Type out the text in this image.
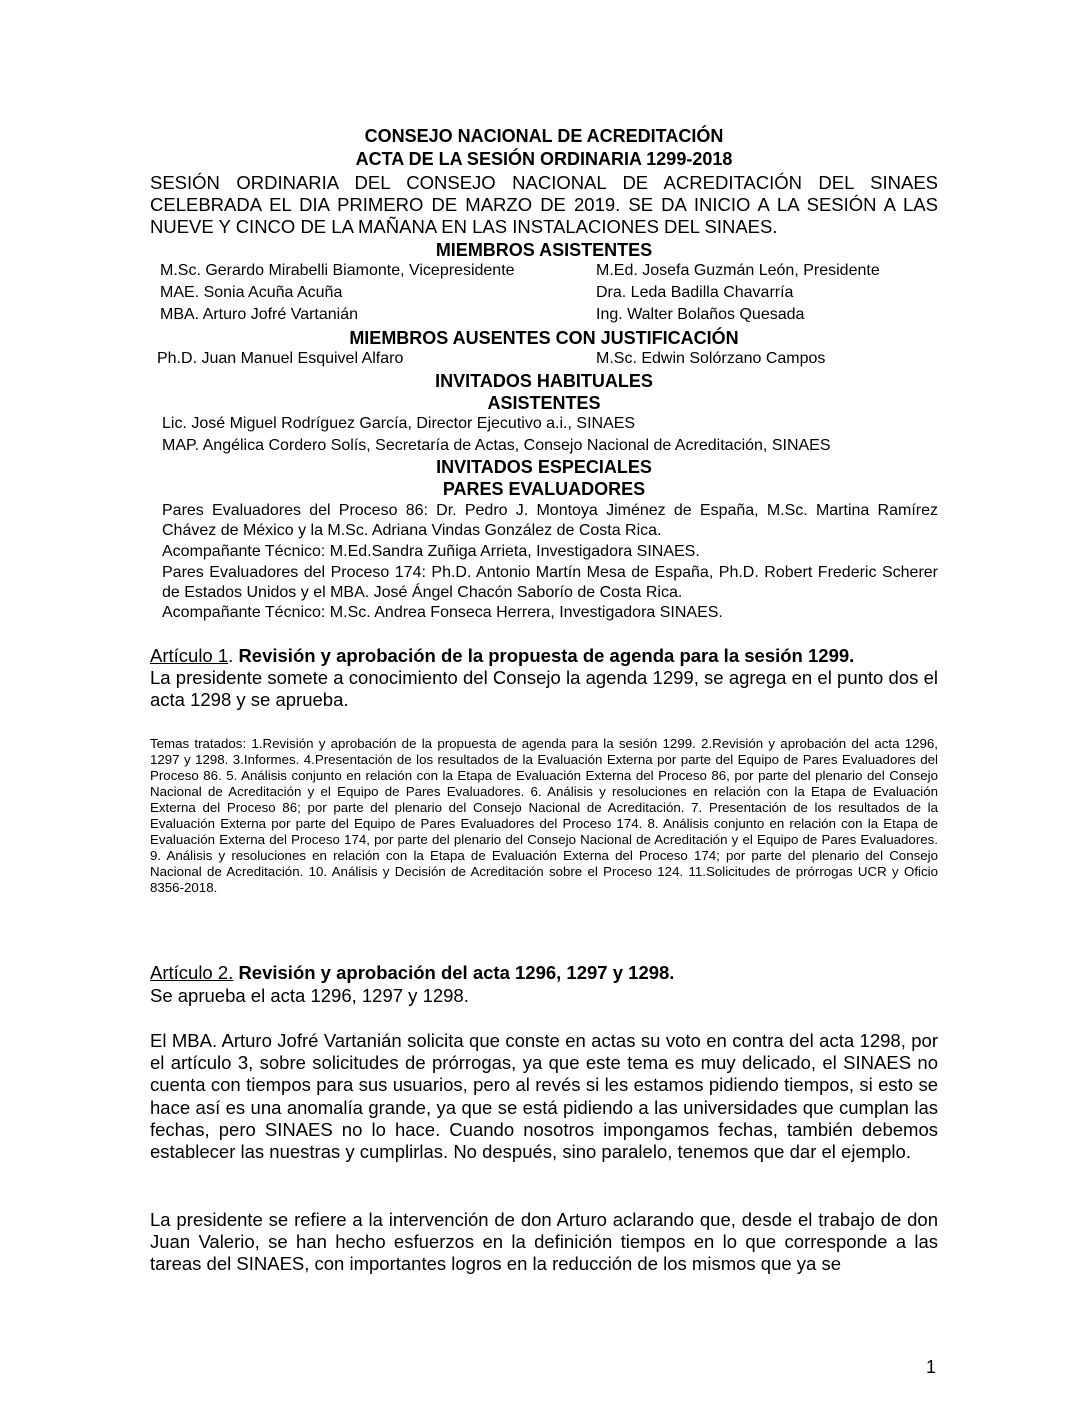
CONSEJO NACIONAL DE ACREDITACIÓN
ACTA DE LA SESIÓN ORDINARIA 1299-2018
SESIÓN ORDINARIA DEL CONSEJO NACIONAL DE ACREDITACIÓN DEL SINAES CELEBRADA EL DIA PRIMERO DE MARZO DE 2019. SE DA INICIO A LA SESIÓN A LAS NUEVE Y CINCO DE LA MAÑANA EN LAS INSTALACIONES DEL SINAES.
MIEMBROS ASISTENTES
M.Sc. Gerardo Mirabelli Biamonte, Vicepresidente	M.Ed. Josefa Guzmán León, Presidente
MAE. Sonia Acuña Acuña	Dra. Leda Badilla Chavarría
MBA. Arturo Jofré Vartanián	Ing. Walter Bolaños Quesada
MIEMBROS AUSENTES CON JUSTIFICACIÓN
Ph.D. Juan Manuel Esquivel Alfaro	M.Sc. Edwin Solórzano Campos
INVITADOS HABITUALES
ASISTENTES
Lic. José Miguel Rodríguez García, Director Ejecutivo a.i., SINAES
MAP. Angélica Cordero Solís, Secretaría de Actas, Consejo Nacional de Acreditación, SINAES
INVITADOS ESPECIALES
PARES EVALUADORES
Pares Evaluadores del Proceso 86: Dr. Pedro J. Montoya Jiménez de España, M.Sc. Martina Ramírez Chávez de México y la M.Sc. Adriana Vindas González de Costa Rica.
Acompañante Técnico: M.Ed.Sandra Zuñiga Arrieta, Investigadora SINAES.
Pares Evaluadores del Proceso 174: Ph.D. Antonio Martín Mesa de España, Ph.D. Robert Frederic Scherer de Estados Unidos y el MBA. José Ángel Chacón Saborío de Costa Rica.
Acompañante Técnico: M.Sc. Andrea Fonseca Herrera, Investigadora SINAES.
Artículo 1. Revisión y aprobación de la propuesta de agenda para la sesión 1299.
La presidente somete a conocimiento del Consejo la agenda 1299, se agrega en el punto dos el acta 1298 y se aprueba.
Temas tratados: 1.Revisión y aprobación de la propuesta de agenda para la sesión 1299. 2.Revisión y aprobación del acta 1296, 1297 y 1298. 3.Informes. 4.Presentación de los resultados de la Evaluación Externa por parte del Equipo de Pares Evaluadores del Proceso 86. 5. Análisis conjunto en relación con la Etapa de Evaluación Externa del Proceso 86, por parte del plenario del Consejo Nacional de Acreditación y el Equipo de Pares Evaluadores. 6. Análisis y resoluciones en relación con la Etapa de Evaluación Externa del Proceso 86; por parte del plenario del Consejo Nacional de Acreditación. 7. Presentación de los resultados de la Evaluación Externa por parte del Equipo de Pares Evaluadores del Proceso 174. 8. Análisis conjunto en relación con la Etapa de Evaluación Externa del Proceso 174, por parte del plenario del Consejo Nacional de Acreditación y el Equipo de Pares Evaluadores. 9. Análisis y resoluciones en relación con la Etapa de Evaluación Externa del Proceso 174; por parte del plenario del Consejo Nacional de Acreditación. 10. Análisis y Decisión de Acreditación sobre el Proceso 124. 11.Solicitudes de prórrogas UCR y Oficio 8356-2018.
Artículo 2. Revisión y aprobación del acta 1296, 1297 y 1298.
Se aprueba el acta 1296, 1297 y 1298.
El MBA. Arturo Jofré Vartanián solicita que conste en actas su voto en contra del acta 1298, por el artículo 3, sobre solicitudes de prórrogas, ya que este tema es muy delicado, el SINAES no cuenta con tiempos para sus usuarios, pero al revés si les estamos pidiendo tiempos, si esto se hace así es una anomalía grande, ya que se está pidiendo a las universidades que cumplan las fechas, pero SINAES no lo hace. Cuando nosotros impongamos fechas, también debemos establecer las nuestras y cumplirlas. No después, sino paralelo, tenemos que dar el ejemplo.
La presidente se refiere a la intervención de don Arturo aclarando que, desde el trabajo de don Juan Valerio, se han hecho esfuerzos en la definición tiempos en lo que corresponde a las tareas del SINAES, con importantes logros en la reducción de los mismos que ya se
1
